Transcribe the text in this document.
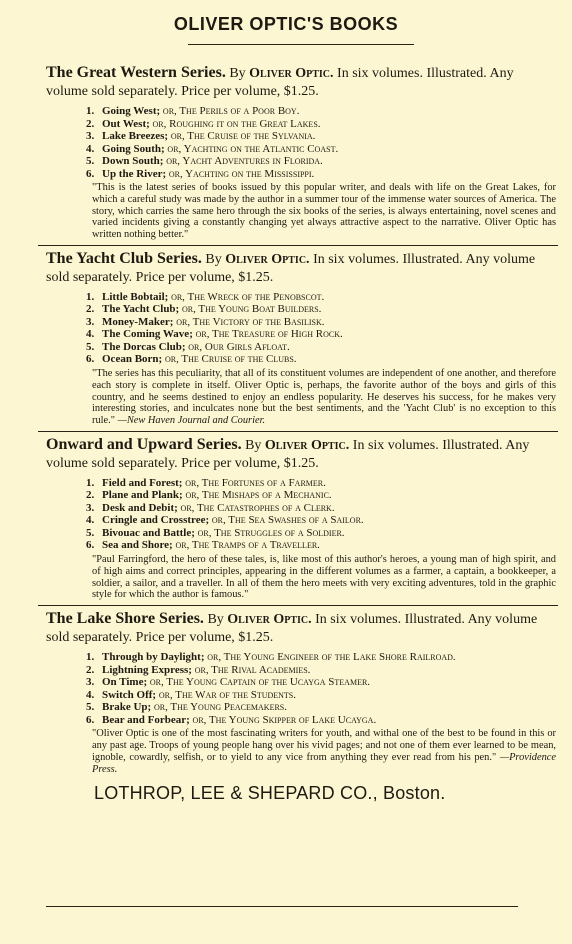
OLIVER OPTIC'S BOOKS
The Great Western Series. By Oliver Optic. In six volumes. Illustrated. Any volume sold separately. Price per volume, $1.25.
1. Going West; or, The Perils of a Poor Boy.
2. Out West; or, Roughing it on the Great Lakes.
3. Lake Breezes; or, The Cruise of the Sylvania.
4. Going South; or, Yachting on the Atlantic Coast.
5. Down South; or, Yacht Adventures in Florida.
6. Up the River; or, Yachting on the Mississippi.

"This is the latest series of books issued by this popular writer, and deals with life on the Great Lakes, for which a careful study was made by the author in a summer tour of the immense water sources of America. The story, which carries the same hero through the six books of the series, is always entertaining, novel scenes and varied incidents giving a constantly changing yet always attractive aspect to the narrative. Oliver Optic has written nothing better."

The Yacht Club Series. By Oliver Optic. In six volumes. Illustrated. Any volume sold separately. Price per volume, $1.25.
1. Little Bobtail; or, The Wreck of the Penobscot.
2. The Yacht Club; or, The Young Boat Builders.
3. Money-Maker; or, The Victory of the Basilisk.
4. The Coming Wave; or, The Treasure of High Rock.
5. The Dorcas Club; or, Our Girls Afloat.
6. Ocean Born; or, The Cruise of the Clubs.

"The series has this peculiarity, that all of its constituent volumes are independent of one another, and therefore each story is complete in itself. Oliver Optic is, perhaps, the favorite author of the boys and girls of this country, and he seems destined to enjoy an endless popularity. He deserves his success, for he makes very interesting stories, and inculcates none but the best sentiments, and the 'Yacht Club' is no exception to this rule." —New Haven Journal and Courier.

Onward and Upward Series. By Oliver Optic. In six volumes. Illustrated. Any volume sold separately. Price per volume, $1.25.
1. Field and Forest; or, The Fortunes of a Farmer.
2. Plane and Plank; or, The Mishaps of a Mechanic.
3. Desk and Debit; or, The Catastrophes of a Clerk.
4. Cringle and Crosstree; or, The Sea Swashes of a Sailor.
5. Bivouac and Battle; or, The Struggles of a Soldier.
6. Sea and Shore; or, The Tramps of a Traveller.

"Paul Farringford, the hero of these tales, is, like most of this author's heroes, a young man of high spirit, and of high aims and correct principles, appearing in the different volumes as a farmer, a captain, a bookkeeper, a soldier, a sailor, and a traveller. In all of them the hero meets with very exciting adventures, told in the graphic style for which the author is famous."

The Lake Shore Series. By Oliver Optic. In six volumes. Illustrated. Any volume sold separately. Price per volume, $1.25.
1. Through by Daylight; or, The Young Engineer of the Lake Shore Railroad.
2. Lightning Express; or, The Rival Academies.
3. On Time; or, The Young Captain of the Ucayga Steamer.
4. Switch Off; or, The War of the Students.
5. Brake Up; or, The Young Peacemakers.
6. Bear and Forbear; or, The Young Skipper of Lake Ucayga.

"Oliver Optic is one of the most fascinating writers for youth, and withal one of the best to be found in this or any past age. Troops of young people hang over his vivid pages; and not one of them ever learned to be mean, ignoble, cowardly, selfish, or to yield to any vice from anything they ever read from his pen." —Providence Press.

LOTHROP, LEE & SHEPARD CO., Boston.
